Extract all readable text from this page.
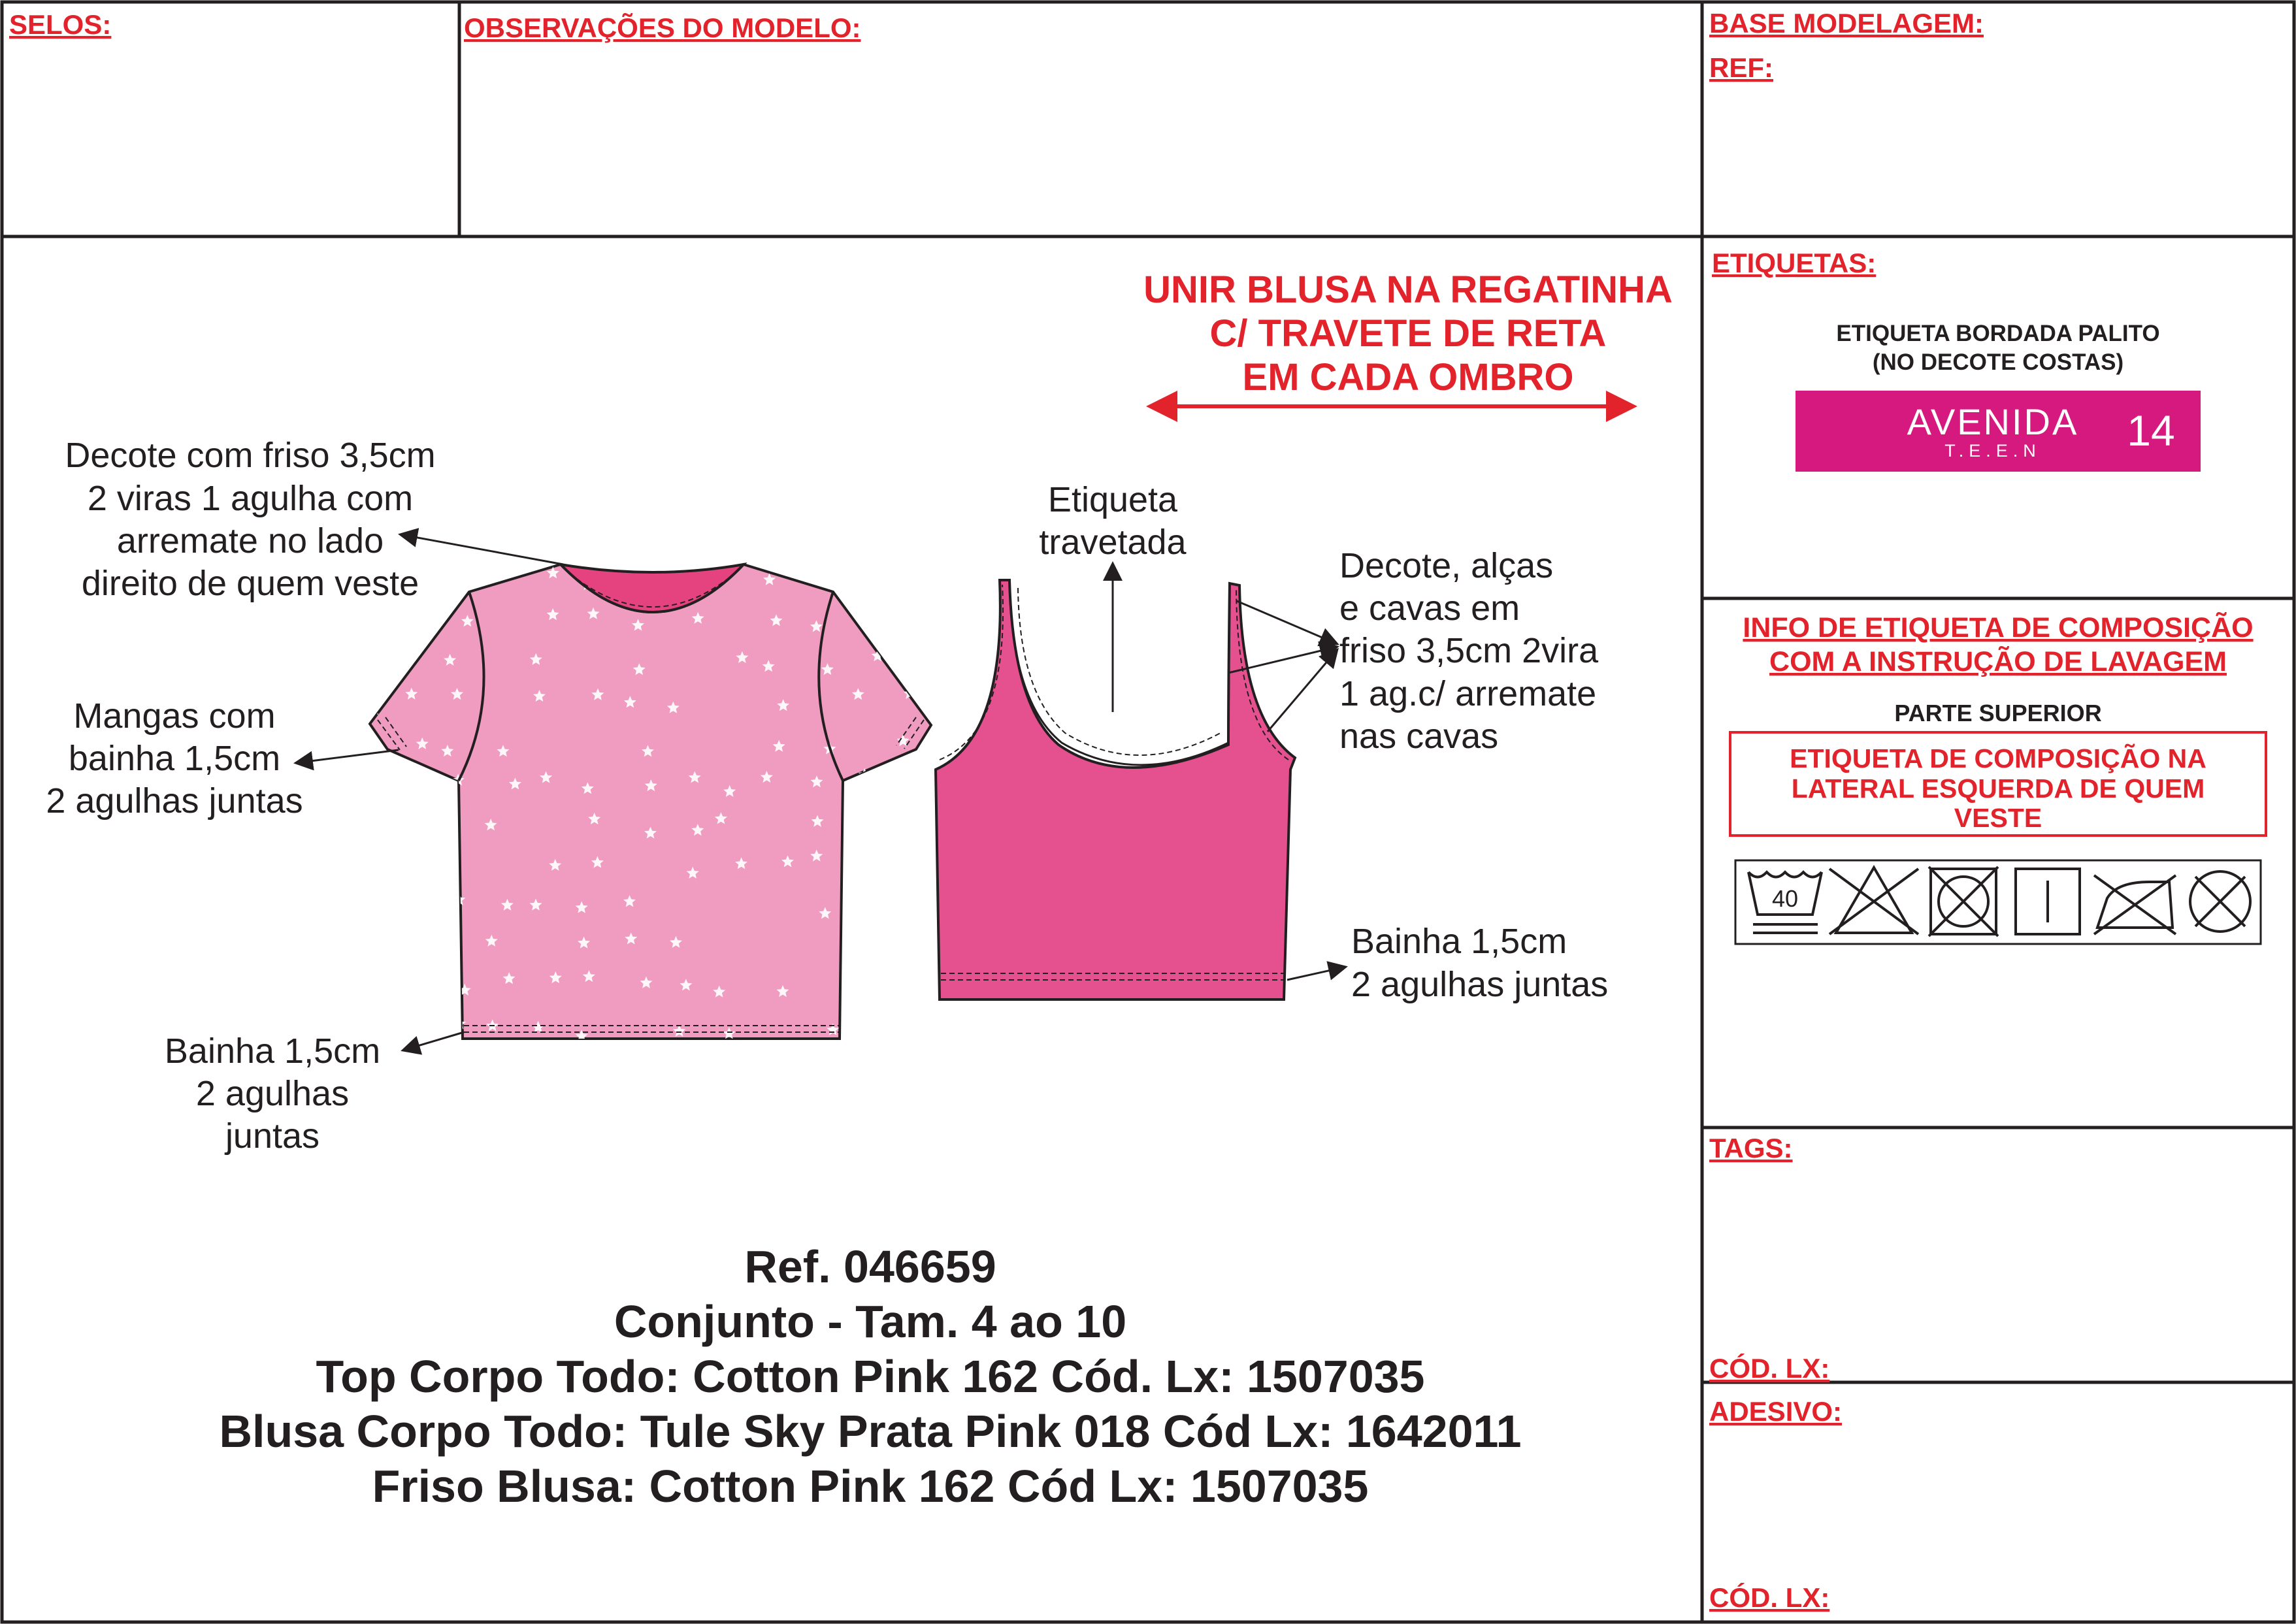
SELOS:	OBSERVAÇÕES DO MODELO:	BASE MODELAGEM:
REF:
ETIQUETAS:
TAGS:
CÓD. LX:
ADESIVO:
CÓD. LX:
UNIR BLUSA NA REGATINHA
C/ TRAVETE DE RETA
EM CADA OMBRO
Decote com friso 3,5cm
2 viras 1 agulha com
arremate no lado
direito de quem veste
Mangas com
bainha 1,5cm
2 agulhas juntas
Bainha 1,5cm
2 agulhas
juntas
Etiqueta
travetada
Decote, alças
e cavas em
friso 3,5cm 2vira
1 ag.c/ arremate
nas cavas
Bainha 1,5cm
2 agulhas juntas
Ref. 046659
Conjunto - Tam. 4 ao 10
Top Corpo Todo: Cotton Pink 162 Cód. Lx: 1507035
Blusa Corpo Todo: Tule Sky Prata Pink 018 Cód Lx: 1642011
Friso Blusa: Cotton Pink 162 Cód Lx: 1507035
ETIQUETA BORDADA PALITO
(NO DECOTE COSTAS)
AVENIDA
T.E.E.N 14
INFO DE ETIQUETA DE COMPOSIÇÃO
COM A INSTRUÇÃO DE LAVAGEM
PARTE SUPERIOR
ETIQUETA DE COMPOSIÇÃO NA
LATERAL ESQUERDA DE QUEM
VESTE
40
